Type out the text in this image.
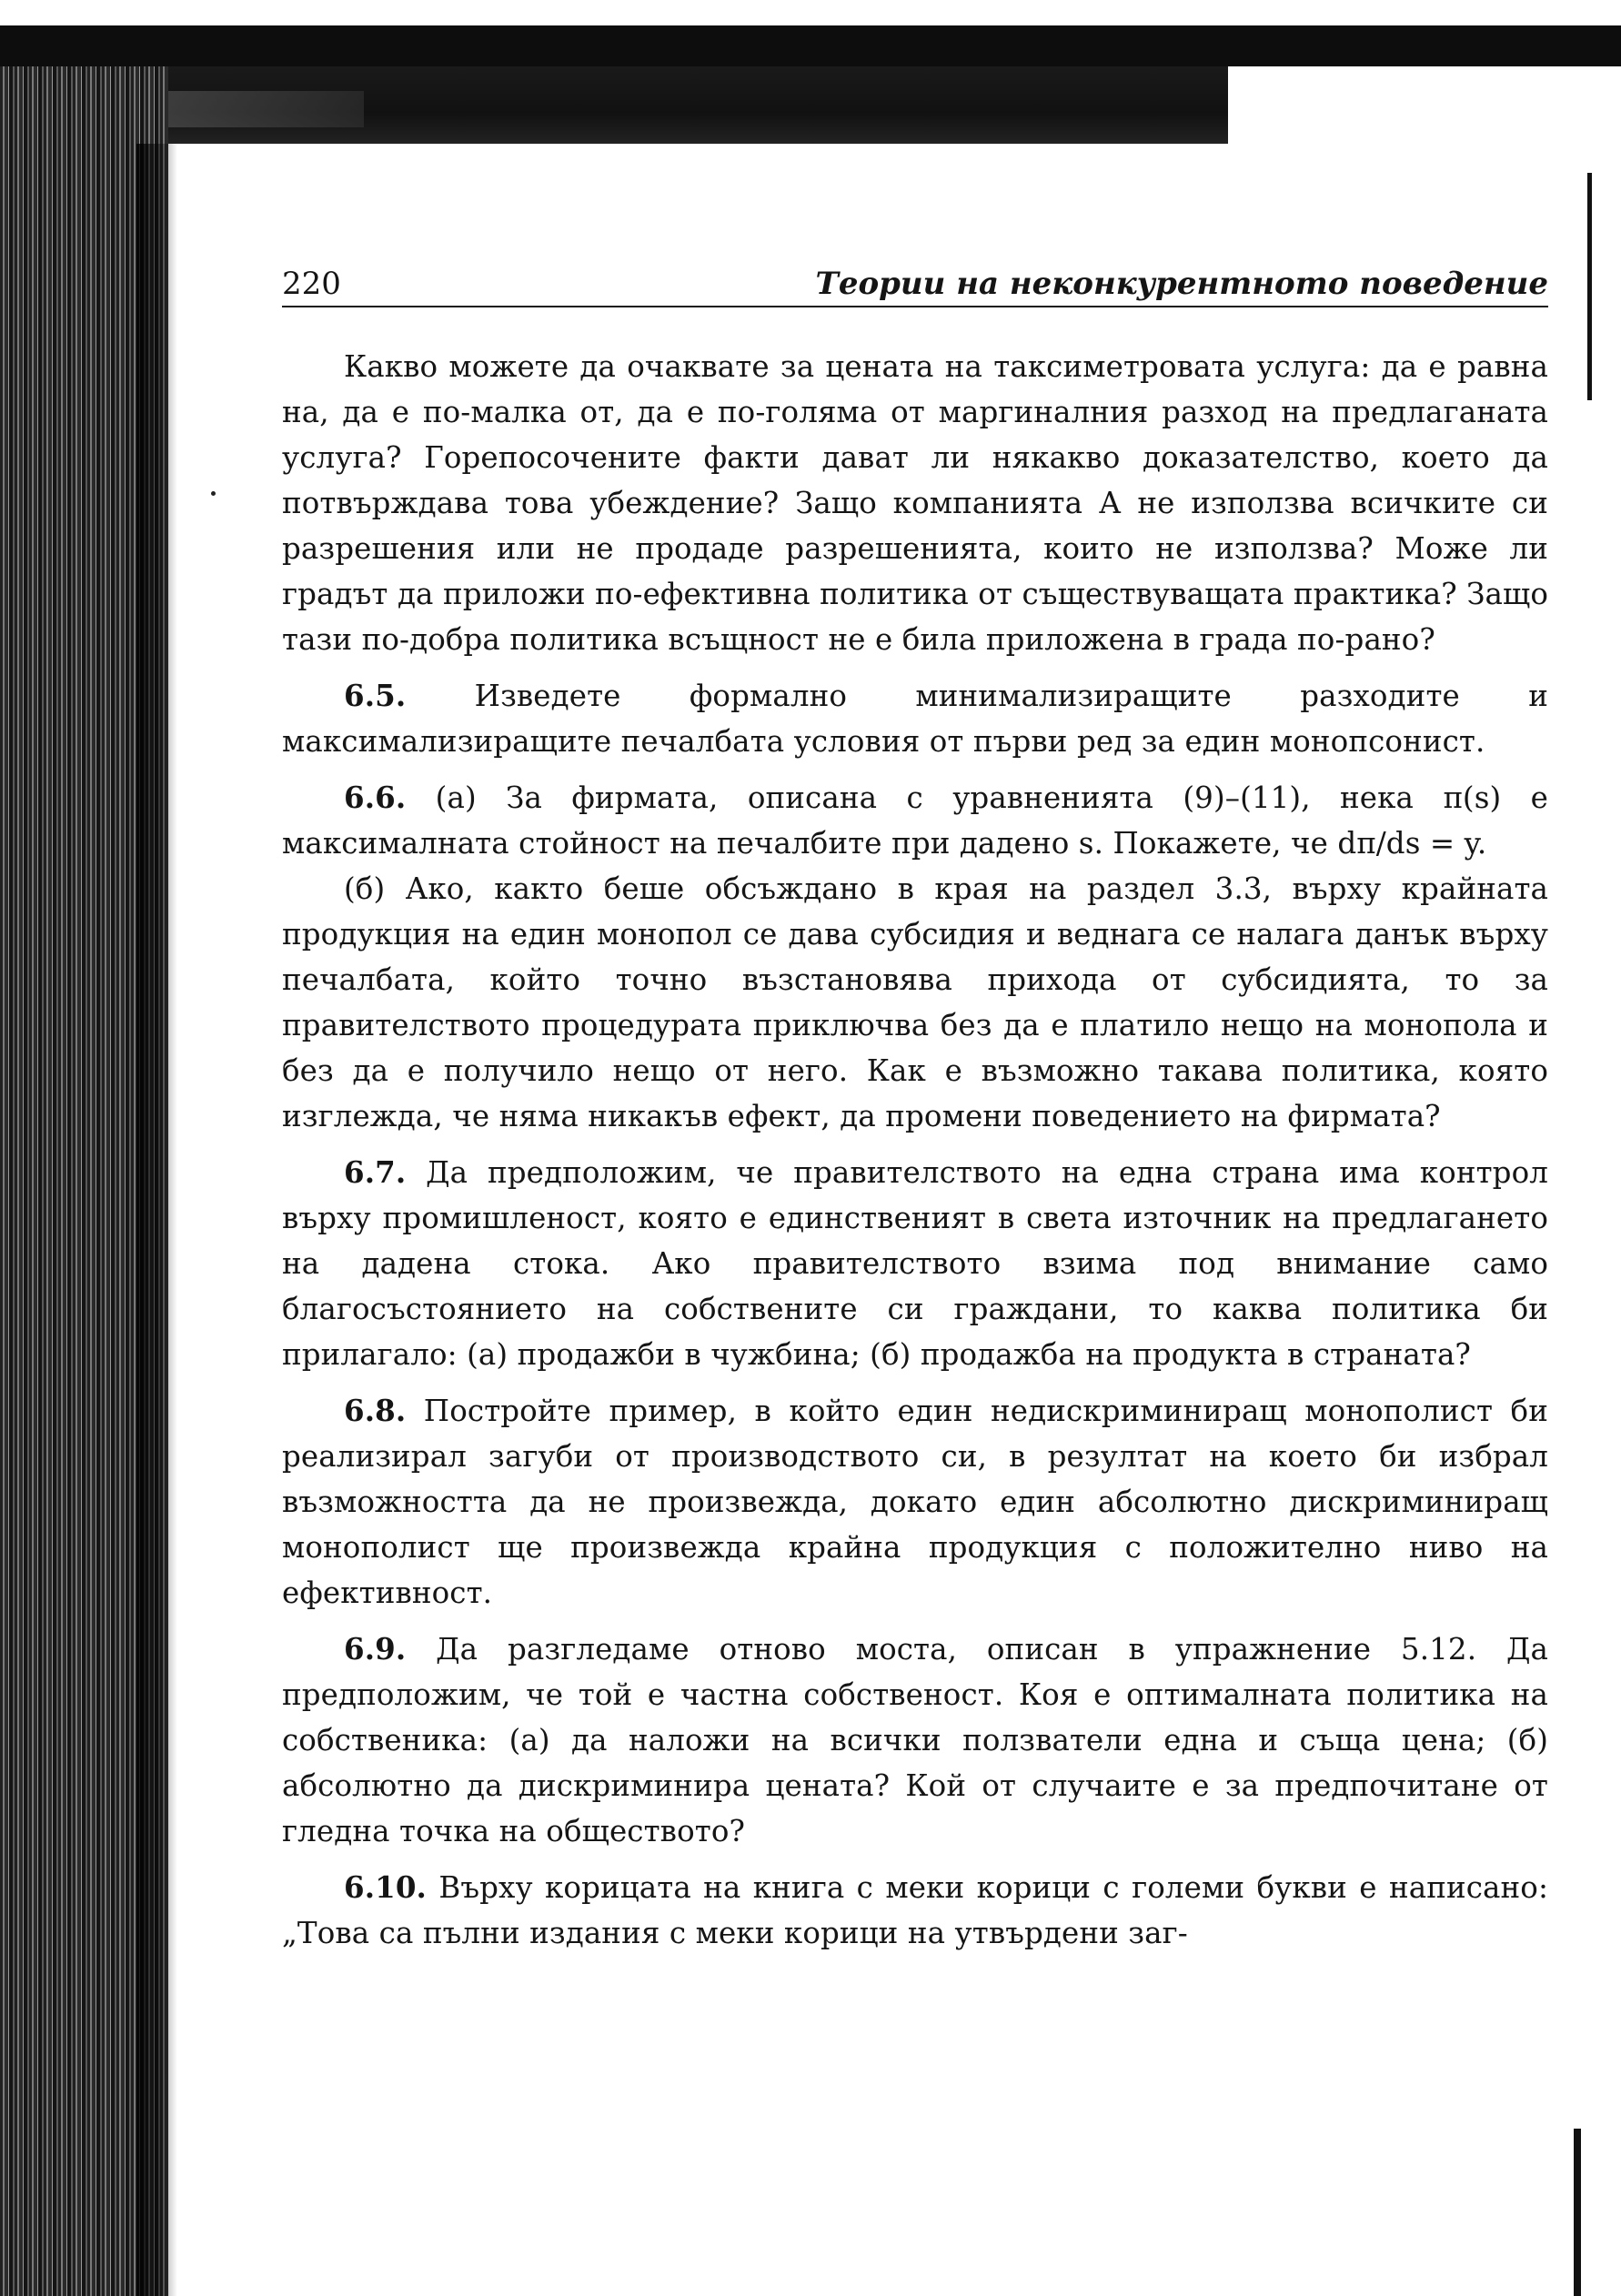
220	Теории на неконкурентното поведение

Какво можете да очаквате за цената на таксиметровата услуга: да е равна на, да е по-малка от, да е по-голяма от маргиналния разход на предлаганата услуга? Горепосочените факти дават ли някакво доказателство, което да потвърждава това убеждение? Защо компанията А не използва всичките си разрешения или не продаде разрешенията, които не използва? Може ли градът да приложи по-ефективна политика от съществуващата практика? Защо тази по-добра политика всъщност не е била приложена в града по-рано?

6.5. Изведете формално минимализиращите разходите и максимализиращите печалбата условия от първи ред за един монопсонист.

6.6. (а) За фирмата, описана с уравненията (9)–(11), нека π(s) е максималната стойност на печалбите при дадено s. Покажете, че dπ/ds = y.

(б) Ако, както беше обсъждано в края на раздел 3.3, върху крайната продукция на един монопол се дава субсидия и веднага се налага данък върху печалбата, който точно възстановява прихода от субсидията, то за правителството процедурата приключва без да е платило нещо на монопола и без да е получило нещо от него. Как е възможно такава политика, която изглежда, че няма никакъв ефект, да промени поведението на фирмата?

6.7. Да предположим, че правителството на една страна има контрол върху промишленост, която е единственият в света източник на предлагането на дадена стока. Ако правителството взима под внимание само благосъстоянието на собствените си граждани, то каква политика би прилагало: (а) продажби в чужбина; (б) продажба на продукта в страната?

6.8. Постройте пример, в който един недискриминиращ монополист би реализирал загуби от производството си, в резултат на което би избрал възможността да не произвежда, докато един абсолютно дискриминиращ монополист ще произвежда крайна продукция с положително ниво на ефективност.

6.9. Да разгледаме отново моста, описан в упражнение 5.12. Да предположим, че той е частна собственост. Коя е оптималната политика на собственика: (а) да наложи на всички ползватели една и съща цена; (б) абсолютно да дискриминира цената? Кой от случаите е за предпочитане от гледна точка на обществото?

6.10. Върху корицата на книга с меки корици с големи букви е написано: „Това са пълни издания с меки корици на утвърдени заг-
